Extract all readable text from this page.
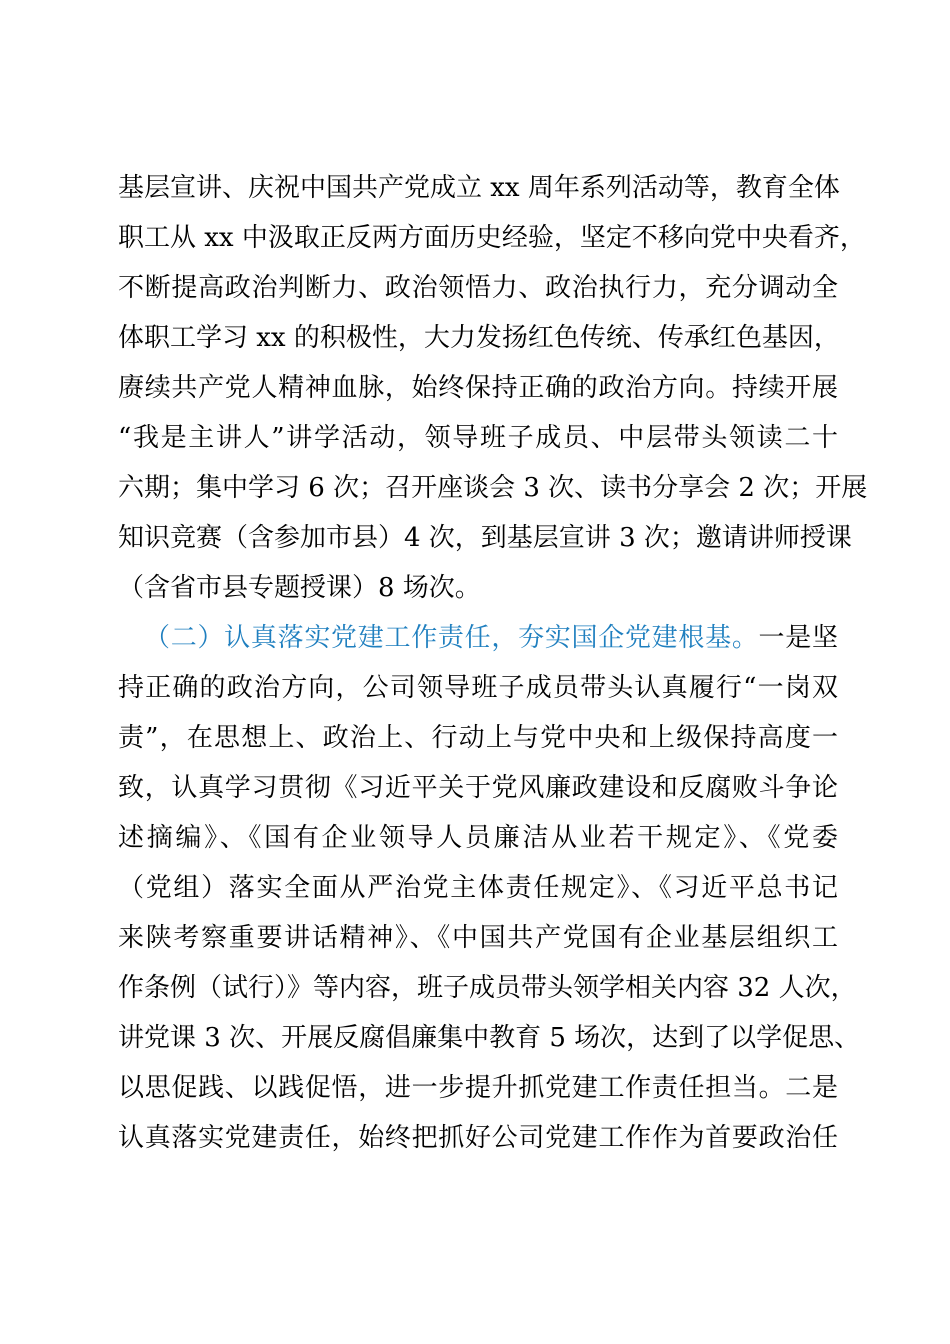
基层宣讲、庆祝中国共产党成立 xx 周年系列活动等，教育全体
职工从 xx 中汲取正反两方面历史经验，坚定不移向党中央看齐，
不断提高政治判断力、政治领悟力、政治执行力，充分调动全
体职工学习 xx 的积极性，大力发扬红色传统、传承红色基因，
赓续共产党人精神血脉，始终保持正确的政治方向。持续开展
“我是主讲人”讲学活动，领导班子成员、中层带头领读二十
六期；集中学习 6 次；召开座谈会 3 次、读书分享会 2 次；开展
知识竞赛（含参加市县）4 次，到基层宣讲 3 次；邀请讲师授课
（含省市县专题授课）8 场次。
（二）认真落实党建工作责任，夯实国企党建根基。一是坚
持正确的政治方向，公司领导班子成员带头认真履行“一岗双
责”，在思想上、政治上、行动上与党中央和上级保持高度一
致，认真学习贯彻《习近平关于党风廉政建设和反腐败斗争论
述摘编》、《国有企业领导人员廉洁从业若干规定》、《党委
（党组）落实全面从严治党主体责任规定》、《习近平总书记
来陕考察重要讲话精神》、《中国共产党国有企业基层组织工
作条例（试行）》等内容，班子成员带头领学相关内容 32 人次，
讲党课 3 次、开展反腐倡廉集中教育 5 场次，达到了以学促思、
以思促践、以践促悟，进一步提升抓党建工作责任担当。二是
认真落实党建责任，始终把抓好公司党建工作作为首要政治任
